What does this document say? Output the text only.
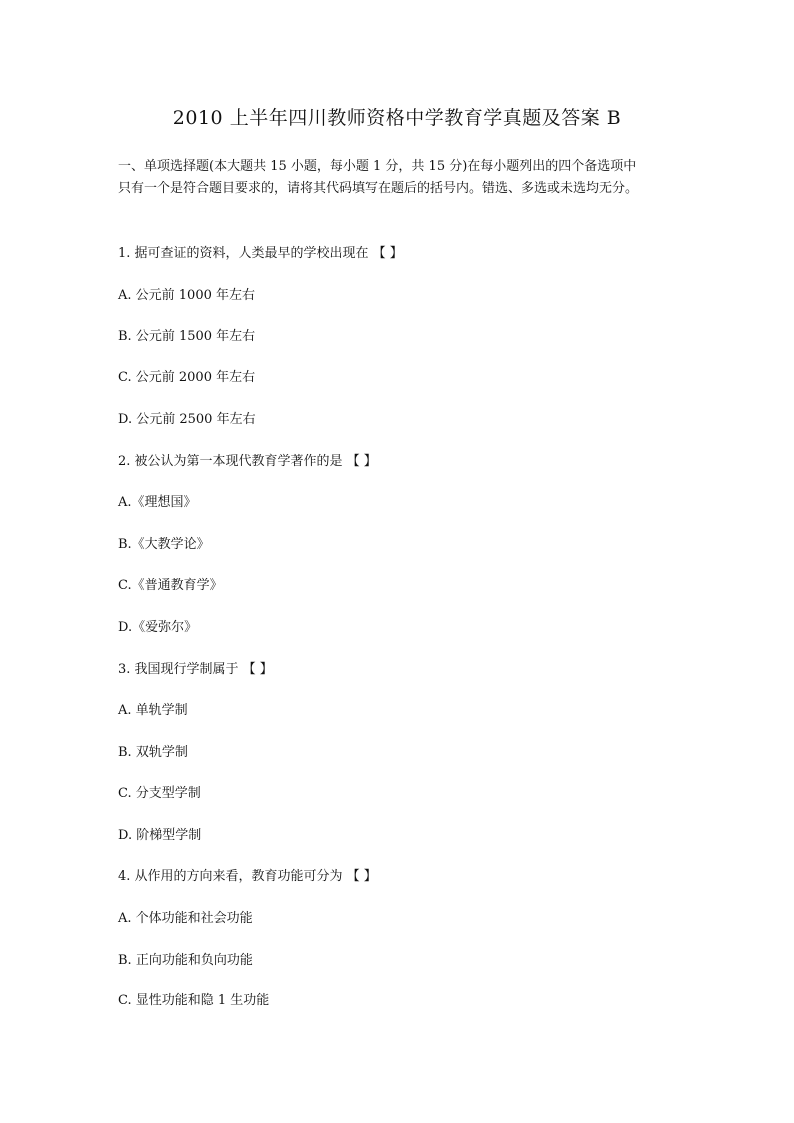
2010 上半年四川教师资格中学教育学真题及答案 B
一、单项选择题(本大题共 15 小题，每小题 1 分，共 15 分)在每小题列出的四个备选项中
只有一个是符合题目要求的，请将其代码填写在题后的括号内。错选、多选或未选均无分。
1. 据可查证的资料，人类最早的学校出现在 【 】
A. 公元前 1000 年左右
B. 公元前 1500 年左右
C. 公元前 2000 年左右
D. 公元前 2500 年左右
2. 被公认为第一本现代教育学著作的是 【 】
A.《理想国》
B.《大教学论》
C.《普通教育学》
D.《爱弥尔》
3. 我国现行学制属于 【 】
A. 单轨学制
B. 双轨学制
C. 分支型学制
D. 阶梯型学制
4. 从作用的方向来看，教育功能可分为 【 】
A. 个体功能和社会功能
B. 正向功能和负向功能
C. 显性功能和隐 1 生功能
